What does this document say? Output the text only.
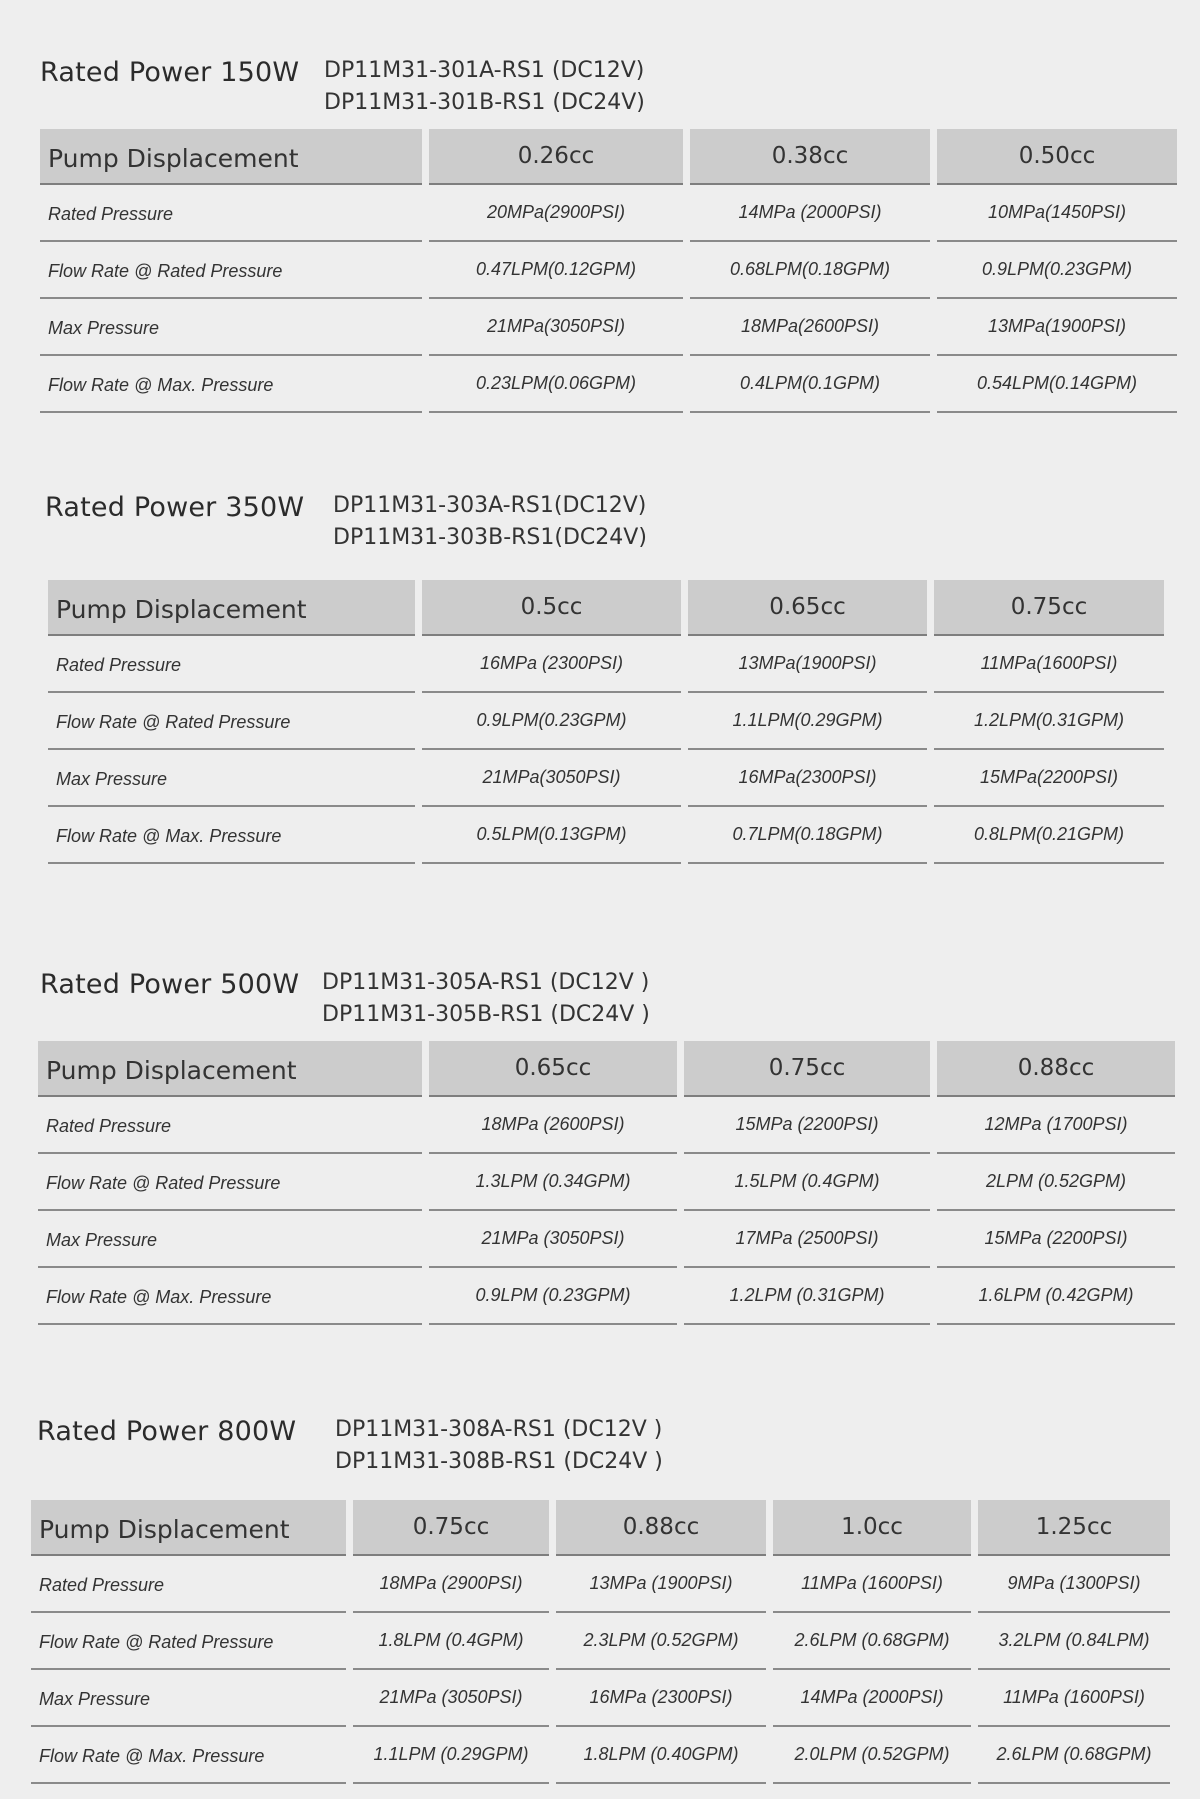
Rated Power 150W DP11M31-301A-RS1 (DC12V)
DP11M31-301B-RS1 (DC24V)
Pump Displacement	0.26cc	0.38cc	0.50cc
Rated Pressure	20MPa(2900PSI)	14MPa (2000PSI)	10MPa(1450PSI)
Flow Rate @ Rated Pressure	0.47LPM(0.12GPM)	0.68LPM(0.18GPM)	0.9LPM(0.23GPM)
Max Pressure	21MPa(3050PSI)	18MPa(2600PSI)	13MPa(1900PSI)
Flow Rate @ Max. Pressure	0.23LPM(0.06GPM)	0.4LPM(0.1GPM)	0.54LPM(0.14GPM)
Rated Power 350W DP11M31-303A-RS1(DC12V)
DP11M31-303B-RS1(DC24V)
Pump Displacement	0.5cc	0.65cc	0.75cc
Rated Pressure	16MPa (2300PSI)	13MPa(1900PSI)	11MPa(1600PSI)
Flow Rate @ Rated Pressure	0.9LPM(0.23GPM)	1.1LPM(0.29GPM)	1.2LPM(0.31GPM)
Max Pressure	21MPa(3050PSI)	16MPa(2300PSI)	15MPa(2200PSI)
Flow Rate @ Max. Pressure	0.5LPM(0.13GPM)	0.7LPM(0.18GPM)	0.8LPM(0.21GPM)
Rated Power 500W DP11M31-305A-RS1 (DC12V )
DP11M31-305B-RS1 (DC24V )
Pump Displacement	0.65cc	0.75cc	0.88cc
Rated Pressure	18MPa (2600PSI)	15MPa (2200PSI)	12MPa (1700PSI)
Flow Rate @ Rated Pressure	1.3LPM (0.34GPM)	1.5LPM (0.4GPM)	2LPM (0.52GPM)
Max Pressure	21MPa (3050PSI)	17MPa (2500PSI)	15MPa (2200PSI)
Flow Rate @ Max. Pressure	0.9LPM (0.23GPM)	1.2LPM (0.31GPM)	1.6LPM (0.42GPM)
Rated Power 800W DP11M31-308A-RS1 (DC12V )
DP11M31-308B-RS1 (DC24V )
Pump Displacement	0.75cc	0.88cc	1.0cc	1.25cc
Rated Pressure	18MPa (2900PSI)	13MPa (1900PSI)	11MPa (1600PSI)	9MPa (1300PSI)
Flow Rate @ Rated Pressure	1.8LPM (0.4GPM)	2.3LPM (0.52GPM)	2.6LPM (0.68GPM)	3.2LPM (0.84LPM)
Max Pressure	21MPa (3050PSI)	16MPa (2300PSI)	14MPa (2000PSI)	11MPa (1600PSI)
Flow Rate @ Max. Pressure	1.1LPM (0.29GPM)	1.8LPM (0.40GPM)	2.0LPM (0.52GPM)	2.6LPM (0.68GPM)
